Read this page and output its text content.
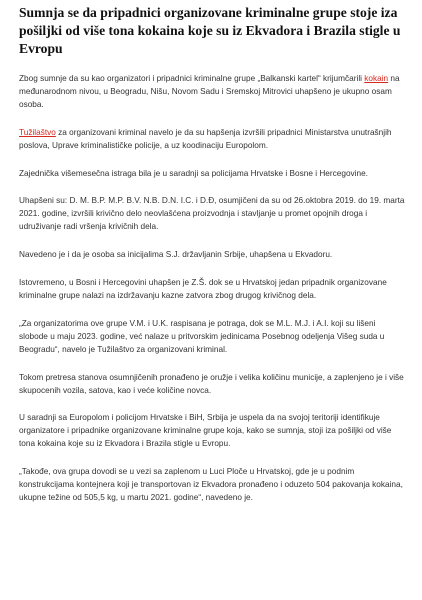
Sumnja se da pripadnici organizovane kriminalne grupe stoje iza pošiljki od više tona kokaina koje su iz Ekvadora i Brazila stigle u Evropu

Zbog sumnje da su kao organizatori i pripadnici kriminalne grupe „Balkanski kartel“ krijumčarili kokain na međunarodnom nivou, u Beogradu, Nišu, Novom Sadu i Sremskoj Mitrovici uhapšeno je ukupno osam osoba.

Tužilaštvo za organizovani kriminal navelo je da su hapšenja izvršili pripadnici Ministarstva unutrašnjih poslova, Uprave kriminalističke policije, a uz koodinaciju Europolom.

Zajednička višemesečna istraga bila je u saradnji sa policijama Hrvatske i Bosne i Hercegovine.

Uhapšeni su: D. M. B.P. M.P. B.V. N.B. D.N. I.C. i D.Đ, osumjičeni da su od 26.oktobra 2019. do 19. marta 2021. godine, izvršili krivično delo neovlašćena proizvodnja i stavljanje u promet opojnih droga i udruživanje radi vršenja krivičnih dela.

Navedeno je i da je osoba sa inicijalima S.J. državljanin Srbije, uhapšena u Ekvadoru.

Istovremeno, u Bosni i Hercegovini uhapšen je Z.Š. dok se u Hrvatskoj jedan pripadnik organizovane kriminalne grupe nalazi na izdržavanju kazne zatvora zbog drugog krivičnog dela.

„Za organizatorima ove grupe V.M. i U.K. raspisana je potraga, dok se M.L. M.J. i A.I. koji su lišeni slobode u maju 2023. godine, već nalaze u pritvorskim jedinicama Posebnog odeljenja Višeg suda u Beogradu“, navelo je Tužilaštvo za organizovani kriminal.

Tokom pretresa stanova osumnjičenih pronađeno je oružje i velika količinu municije, a zaplenjeno je i više skupocenih vozila, satova, kao i veće količine novca.

U saradnji sa Europolom i policijom Hrvatske i BiH, Srbija je uspela da na svojoj teritoriji identifikuje organizatore i pripadnike organizovane kriminalne grupe koja, kako se sumnja, stoji iza pošiljki od više tona kokaina koje su iz Ekvadora i Brazila stigle u Evropu.

„Takođe, ova grupa dovodi se u vezi sa zaplenom u Luci Ploče u Hrvatskoj, gde je u podnim konstrukcijama kontejnera koji je transportovan iz Ekvadora pronađeno i oduzeto 504 pakovanja kokaina, ukupne težine od 505,5 kg, u martu 2021. godine“, navedeno je.
